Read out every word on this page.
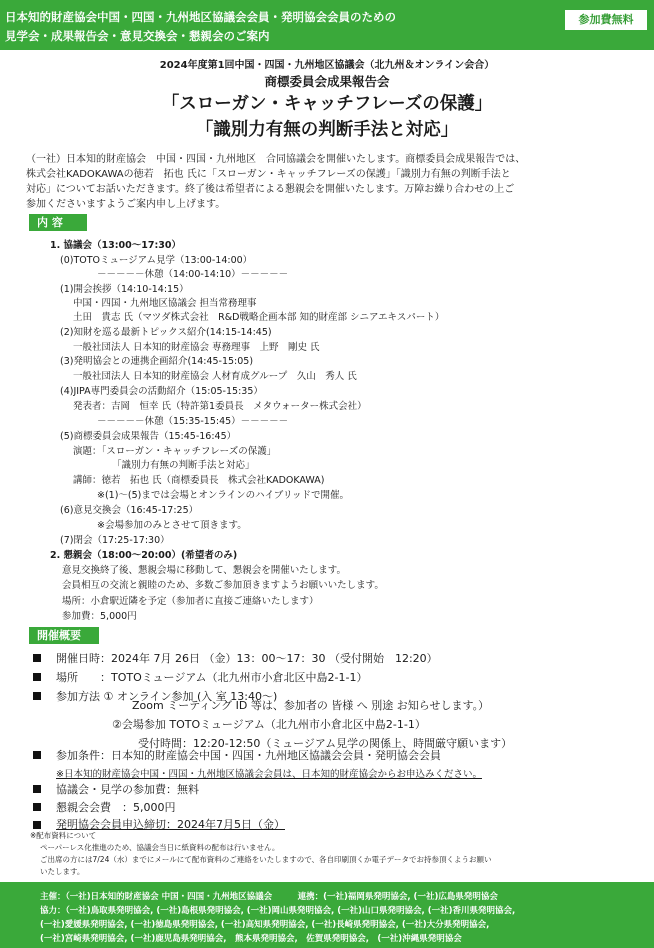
日本知的財産協会中国・四国・九州地区協議会会員・発明協会会員のための
見学会・成果報告会・意見交換会・懇親会のご案内
参加費無料
2024年度第1回中国・四国・九州地区協議会（北九州＆オンライン会合）
商標委員会成果報告会
「スローガン・キャッチフレーズの保護」
「識別力有無の判断手法と対応」
（一社）日本知的財産協会　中国・四国・九州地区　合同協議会を開催いたします。商標委員会成果報告では、
株式会社KADOKAWAの徳若　拓也 氏に「スローガン・キャッチフレーズの保護」「識別力有無の判断手法と
対応」についてお話いただきます。終了後は希望者による懇親会を開催いたします。万障お繰り合わせの上ご
参加くださいますようご案内申し上げます。
内 容
1. 協議会（13:00〜17:30）
(0)TOTOミュージアム見学（13:00-14:00）
－－－－－休憩（14:00-14:10）－－－－－
(1)開会挨拶（14:10-14:15）
中国・四国・九州地区協議会 担当常務理事
土田　貴志 氏（マツダ株式会社　R&D戦略企画本部 知的財産部 シニアエキスパート）
(2)知財を巡る最新トピックス紹介(14:15-14:45)
一般社団法人 日本知的財産協会 専務理事　上野　剛史 氏
(3)発明協会との連携企画紹介(14:45-15:05)
一般社団法人 日本知的財産協会 人材育成グループ　久山　秀人 氏
(4)JIPA専門委員会の活動紹介（15:05-15:35）
発表者：吉岡　恒幸 氏（特許第1委員長　メタウォーター株式会社）
－－－－－休憩（15:35-15:45）－－－－－
(5)商標委員会成果報告（15:45-16:45）
演題：「スローガン・キャッチフレーズの保護」
「識別力有無の判断手法と対応」
講師：徳若　拓也 氏（商標委員長　株式会社KADOKAWA)
※(1)〜(5)までは会場とオンラインのハイブリッドで開催。
(6)意見交換会（16:45-17:25）
※会場参加のみとさせて頂きます。
(7)閉会（17:25-17:30）
2. 懇親会（18:00〜20:00）(希望者のみ)
意見交換終了後、懇親会場に移動して、懇親会を開催いたします。
会員相互の交流と親睦のため、多数ご参加頂きますようお願いいたします。
場所：小倉駅近隣を予定（参加者に直接ご連絡いたします）
参加費：5,000円
開催概要
開催日時：2024年 7月 26日 （金）13：00〜17：30 （受付開始　12:20）
場所　　：TOTOミュージアム（北九州市小倉北区中島2-1-1）
参加方法 ① オンライン参加 (入 室 13:40〜)
Zoom ミーティング ID 等は、参加者の 皆様 へ 別途 お知らせします。）
②会場参加 TOTOミュージアム（北九州市小倉北区中島2-1-1）
受付時間：12:20-12:50（ミュージアム見学の関係上、時間厳守願います）
参加条件：日本知的財産協会中国・四国・九州地区協議会会員・発明協会会員
※日本知的財産協会中国・四国・九州地区協議会会員は、日本知的財産協会からお申込みください。
協議会・見学の参加費：無料
懇親会会費　：5,000円
発明協会会員申込締切：2024年7月5日（金）
※配布資料について
ペーパーレス化推進のため、協議会当日に紙資料の配布は行いません。
ご出席の方には7/24（水）までにメールにて配布資料のご連絡をいたしますので、各自印刷頂くか電子データでお持参頂くようお願い
いたします。
主催：（一社)日本知的財産協会 中国・四国・九州地区協議会　　　連携：(一社)福岡県発明協会, (一社)広島県発明協会
協力：（一社)鳥取県発明協会, (一社)島根県発明協会, (一社)岡山県発明協会, (一社)山口県発明協会, (一社)香川県発明協会,
(一社)愛媛県発明協会, (一社)徳島県発明協会, (一社)高知県発明協会, (一社)長崎県発明協会, (一社)大分県発明協会,
(一社)宮崎県発明協会, (一社)鹿児島県発明協会,　熊本県発明協会,　佐賀県発明協会,　(一社)沖縄県発明協会
